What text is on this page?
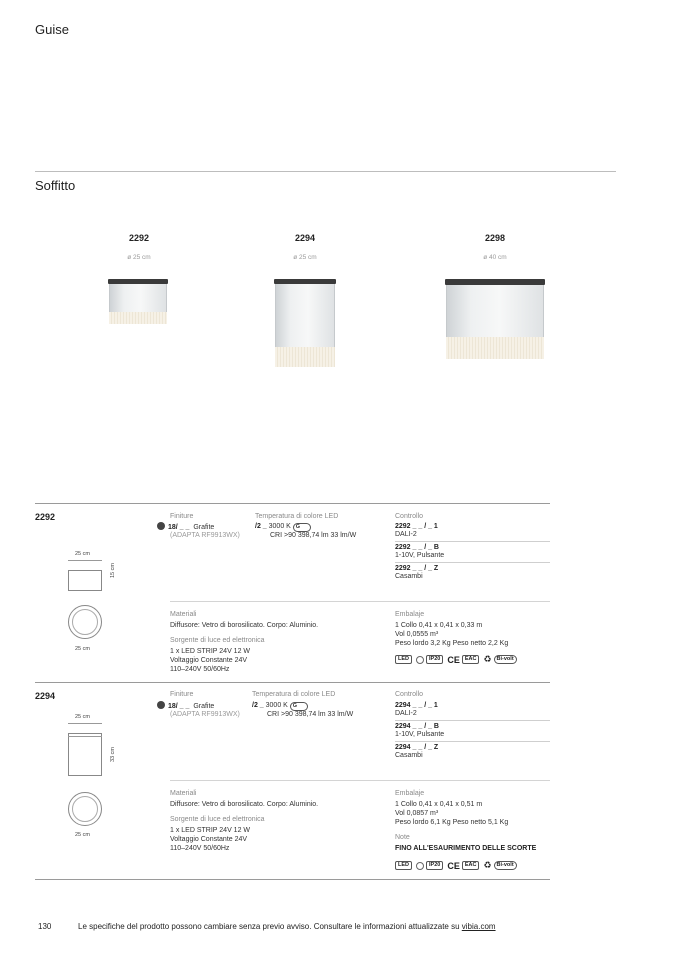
Guise
Soffitto
2292
ø 25 cm
2294
ø 25 cm
2298
ø 40 cm
2292
25 cm
15 cm
25 cm
Finiture
18/ _ _ Grafite
(ADAPTA RF9913WX)
Temperatura di colore LED
/2 _ 3000 K G
CRI >90 398,74 lm 33 lm/W
Controllo
2292 _ _ / _ 1
DALI-2
2292 _ _ / _ B
1-10V, Pulsante
2292 _ _ / _ Z
Casambi
Materiali
Diffusore: Vetro di borosilicato. Corpo: Aluminio.
Sorgente di luce ed elettronica
1 x LED STRIP 24V 12 W
Voltaggio Constante 24V
110–240V 50/60Hz
Embalaje
1 Collo 0,41 x 0,41 x 0,33 m
Vol 0,0555 m³
Peso lordo 3,2 Kg Peso netto 2,2 Kg
LED	IP20 CE EAC ♻ Bi-volt
2294
25 cm
33 cm
25 cm
Finiture
18/ _ _ Grafite
(ADAPTA RF9913WX)
Temperatura di colore LED
/2 _ 3000 K G
CRI >90 398,74 lm 33 lm/W
Controllo
2294 _ _ / _ 1
DALI-2
2294 _ _ / _ B
1-10V, Pulsante
2294 _ _ / _ Z
Casambi
Materiali
Diffusore: Vetro di borosilicato. Corpo: Aluminio.
Sorgente di luce ed elettronica
1 x LED STRIP 24V 12 W
Voltaggio Constante 24V
110–240V 50/60Hz
Embalaje
1 Collo 0,41 x 0,41 x 0,51 m
Vol 0,0857 m³
Peso lordo 6,1 Kg Peso netto 5,1 Kg
Note
FINO ALL'ESAURIMENTO DELLE SCORTE
LED	IP20 CE EAC ♻ Bi-volt
130	Le specifiche del prodotto possono cambiare senza previo avviso. Consultare le informazioni attualizzate su vibia.com
